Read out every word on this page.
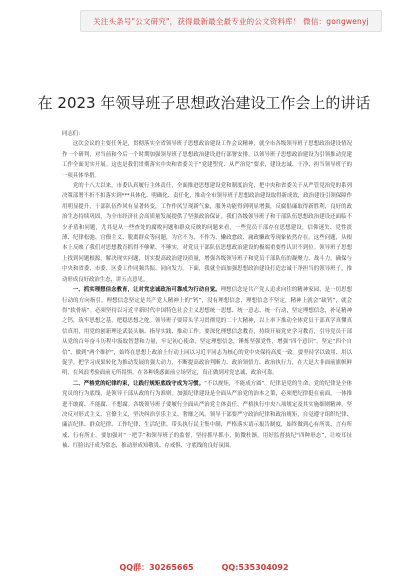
关注头条号"公文研究"，获得最新最全最专业的公文资料库！ 微信：gongwenyj
在 2023 年领导班子思想政治建设工作会上的讲话

同志们：

这次会议的主要任务是，贯彻落实全省领导班子思想政治建设工作会议精神，就全市各级领导班子思想政治建设情况作一个研判，对当前和今后一个时期加强领导班子思想政治建设进行部署安排，以领导班子思想政治建设为引领推动党建工作全面见实开展。这也是我们贯彻落实中央和省委关于“党建塑党、从严治党”要求，建设忠诚、干净、担当领导班子的一项具体举措。

党的十八大以来，市委认真履行主体责任，全面推进思想建设党和制度治党，把中央和省委关于从严管党治党的系列决策部署不折不扣落实到***具体化、明确化、责任化，推动全市领导班子思想政治建设取得新成效，政治建设引领保障作用明显提升，干部队伍作风有显著转变，工作作风呈现新气象，服务功能得到明显增强，反腐倡廉取得新胜利，良好的政治生态持续巩固，为全市经济社会高质量发展提供了坚强政治保证。我们各级领导班子和干部队伍思想政治建设还面临不少矛盾和问题，尤其是从一些查处的腐败问题和群众反映的问题来看，一些党员干部存在思想建设，信仰迷失、党性淡薄、纪律松弛、官僚主义、脱离群众等问题，为官不为、不作为、懒政怠政、庸政懒政等现象依然存在。这些问题，从根本上反映了我们对思想教育抓得不够紧、不够实，对党员干部队伍思想政治建设的极端重要性认识不到位。领导班子思想上找到问题根源，解决现实问题，切实提高政治建设质量，增强各级领导班子和党员干部队伍的凝聚力、战斗力，确保与中央和省委、市委、区委工作同频共振、同向发力。下面，我就全面加强思想政治建设打造忠诚干净担当的领导班子，推动形成良好政治生态，讲五点意见。

一、抓实理想信念教育，让对党忠诚政治可靠成为行动自觉。理想信念是共产党人追求向往的精神家园，是一切思想行动的方向指引。理想信念坚定是共产党人精神上的“钙”，没有理想信念，理想信念不坚定，精神上就会“缺钙”，就会得“软骨病”。必须坚持以习近平新时代中国特色社会主义思想统一思想、统一意志、统一行动，坚定理想信念，补足精神之钙，筑牢思想之基，把稳思想之舵。领导班子要带头学习贯彻党的二十大精神，以上率下推动全体党员干部真学真懂真信真用，用党的创新理论武装头脑、指导实践、推动工作。要深化理想信念教育，持续开展党史学习教育，引导党员干部从党的百年奋斗历程中汲取智慧和力量，牢记初心使命，坚定理想信念，锤炼坚强党性，增强“四个意识”、坚定“四个自信”、做到“两个维护”，始终在思想上政治上行动上同以习近平同志为核心的党中央保持高度一致。要坚持学以致用、用以促学，把学习成果转化为推动发展的强大动力，不断提高政治判断力、政治领悟力、政治执行力，在大是大非面前旗帜鲜明，在风浪考验面前无所畏惧，在各种诱惑面前立场坚定，真正做到对党忠诚、政治可靠。

二、严格党的纪律约束，让践行规矩底线守成为习惯。“不以规矩，不能成方圆”。纪律是党的生命，党的纪律是全体党员的行为底线，是领导干部从政的行为准则。加强纪律建设是全面从严治党的治本之策，必须把纪律挺在前面，一体推进不敢腐、不能腐、不想腐。各级领导班子要履行全面从严治党主体责任，严格执行中央八项规定及其实施细则精神，坚决反对形式主义、官僚主义，坚决纠治享乐主义、奢靡之风。领导干部要严守政治纪律和政治规矩，自觉遵守组织纪律、廉洁纪律、群众纪律、工作纪律、生活纪律，带头执行民主集中制，严格落实请示报告制度，始终做到心有所畏、言有所戒、行有所止。要加强对“一把手”和领导班子的监督，坚持抓早抓小、防微杜渐，用好监督执纪“四种形态”，让咬耳扯袖、红脸出汗成为常态，推动形成知敬畏、存戒惧、守底线的良好氛围。

QQ群：30265665	QQ:535304092
